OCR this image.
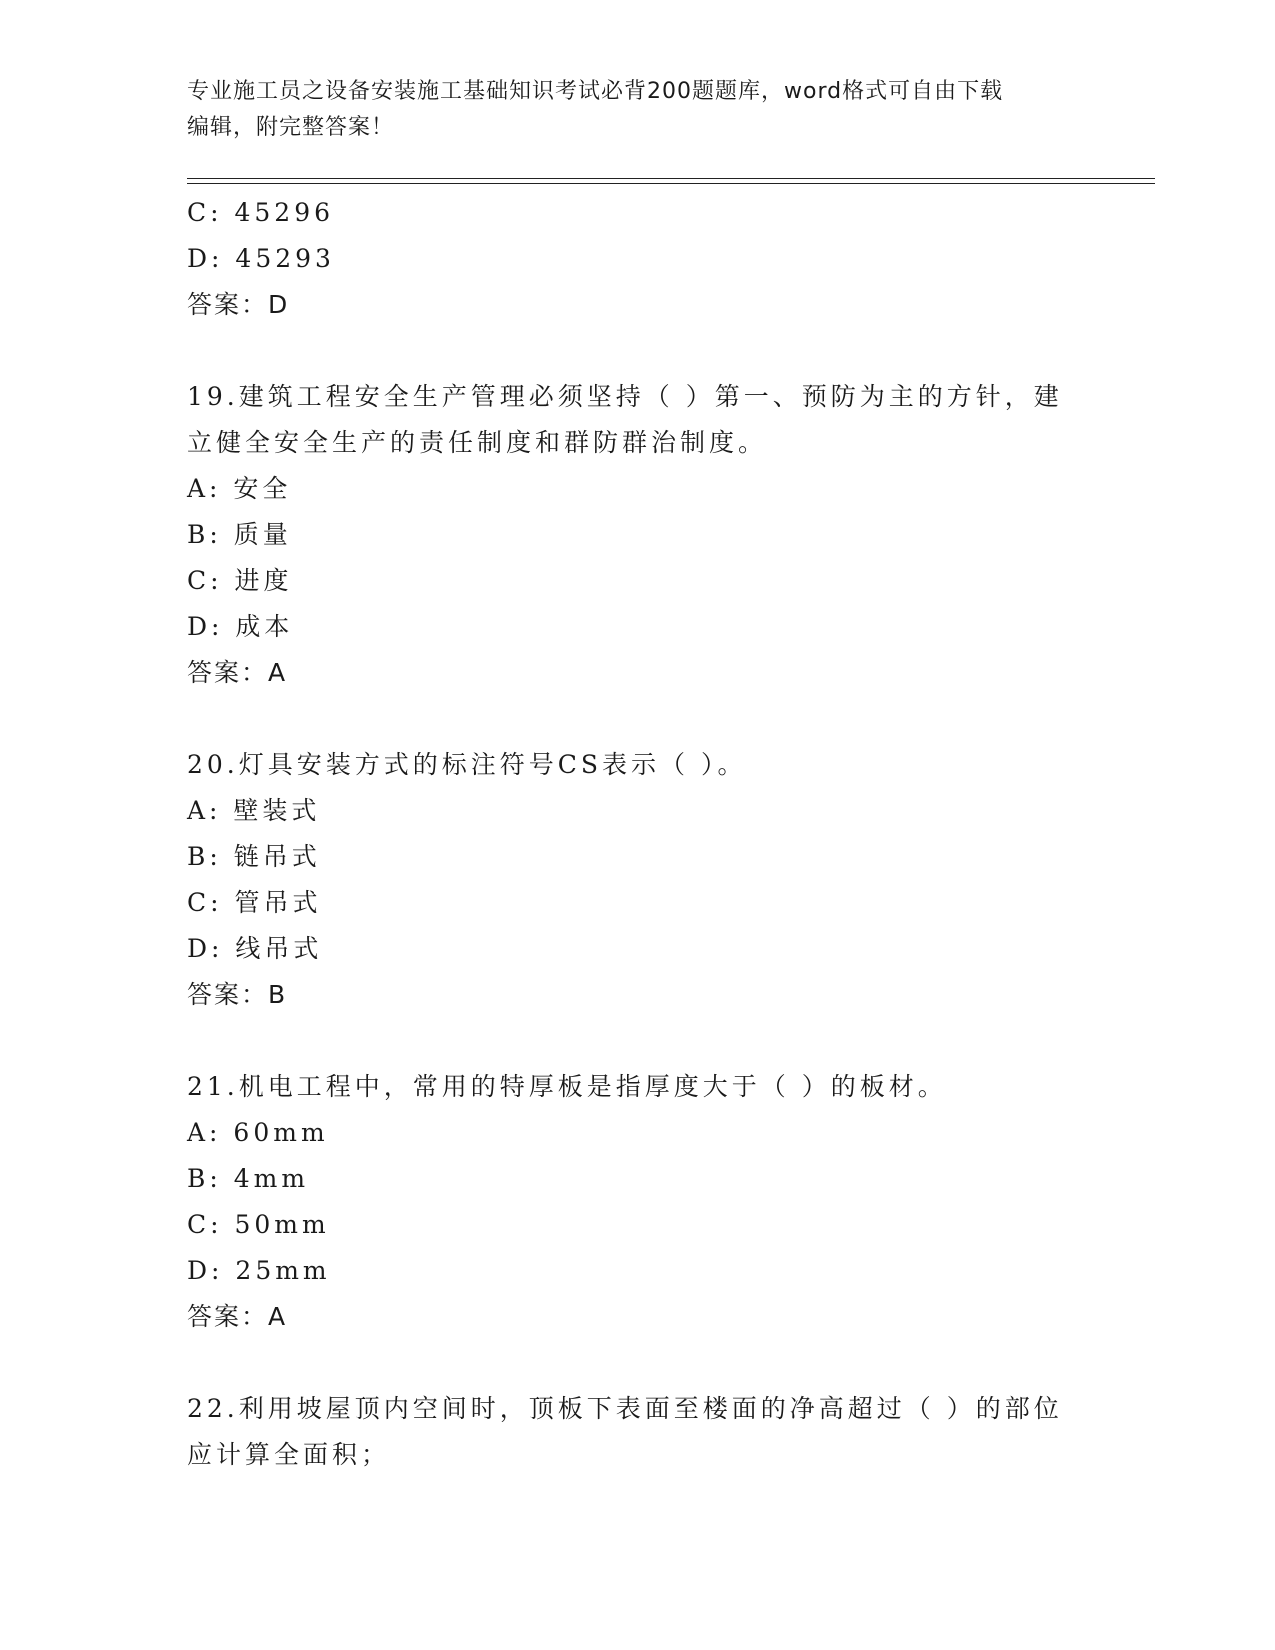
专业施工员之设备安装施工基础知识考试必背200题题库，word格式可自由下载
编辑，附完整答案！
C: 45296
D: 45293
答案：D
19.建筑工程安全生产管理必须坚持（ ）第一、预防为主的方针，建
立健全安全生产的责任制度和群防群治制度。
A: 安全
B: 质量
C: 进度
D: 成本
答案：A
20.灯具安装方式的标注符号CS表示（ ）。
A: 壁装式
B: 链吊式
C: 管吊式
D: 线吊式
答案：B
21.机电工程中，常用的特厚板是指厚度大于（ ）的板材。
A: 60mm
B: 4mm
C: 50mm
D: 25mm
答案：A
22.利用坡屋顶内空间时，顶板下表面至楼面的净高超过（ ）的部位
应计算全面积；
